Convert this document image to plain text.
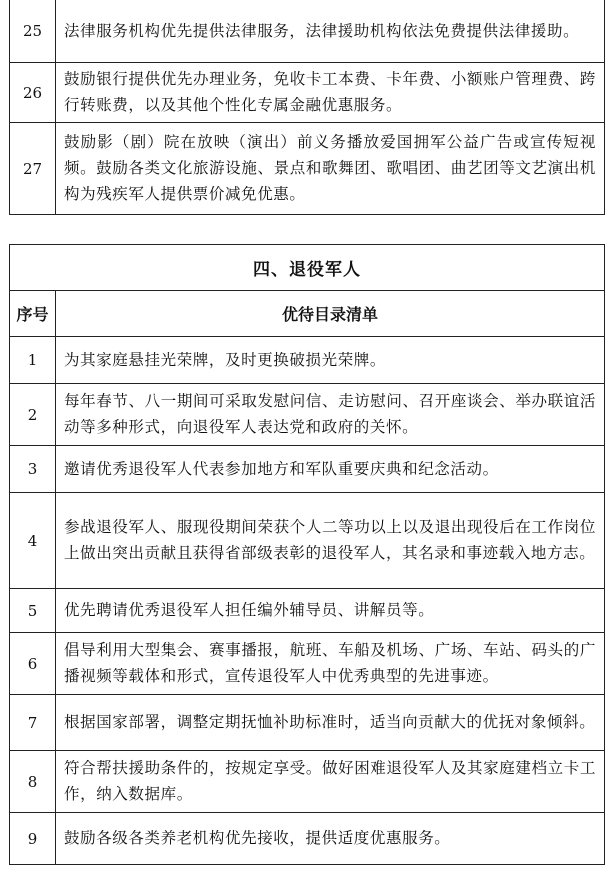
25	法律服务机构优先提供法律服务，法律援助机构依法免费提供法律援助。
26	鼓励银行提供优先办理业务，免收卡工本费、卡年费、小额账户管理费、跨行转账费，以及其他个性化专属金融优惠服务。
27	鼓励影（剧）院在放映（演出）前义务播放爱国拥军公益广告或宣传短视频。鼓励各类文化旅游设施、景点和歌舞团、歌唱团、曲艺团等文艺演出机构为残疾军人提供票价减免优惠。
四、退役军人	
序号	优待目录清单
1	为其家庭悬挂光荣牌，及时更换破损光荣牌。
2	每年春节、八一期间可采取发慰问信、走访慰问、召开座谈会、举办联谊活动等多种形式，向退役军人表达党和政府的关怀。
3	邀请优秀退役军人代表参加地方和军队重要庆典和纪念活动。
4	参战退役军人、服现役期间荣获个人二等功以上以及退出现役后在工作岗位上做出突出贡献且获得省部级表彰的退役军人，其名录和事迹载入地方志。
5	优先聘请优秀退役军人担任编外辅导员、讲解员等。
6	倡导利用大型集会、赛事播报，航班、车船及机场、广场、车站、码头的广播视频等载体和形式，宣传退役军人中优秀典型的先进事迹。
7	根据国家部署，调整定期抚恤补助标准时，适当向贡献大的优抚对象倾斜。
8	符合帮扶援助条件的，按规定享受。做好困难退役军人及其家庭建档立卡工作，纳入数据库。
9	鼓励各级各类养老机构优先接收，提供适度优惠服务。
